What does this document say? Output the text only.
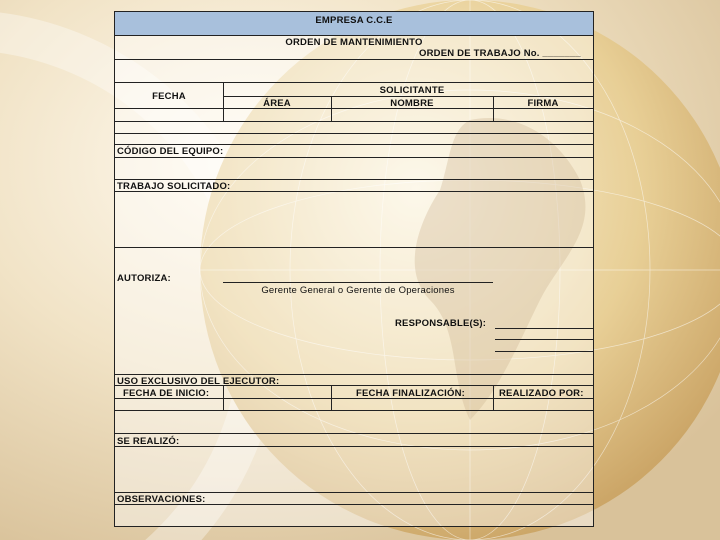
EMPRESA C.C.E
ORDEN DE MANTENIMIENTO
ORDEN DE TRABAJO No. _______
FECHA
SOLICITANTE
ÁREA	NOMBRE	FIRMA
CÓDIGO DEL EQUIPO:
TRABAJO SOLICITADO:
AUTORIZA:
Gerente General o Gerente de Operaciones
RESPONSABLE(S):
USO EXCLUSIVO DEL EJECUTOR:
FECHA DE INICIO:	FECHA FINALIZACIÓN:	REALIZADO POR:
SE REALIZÓ:
OBSERVACIONES:
